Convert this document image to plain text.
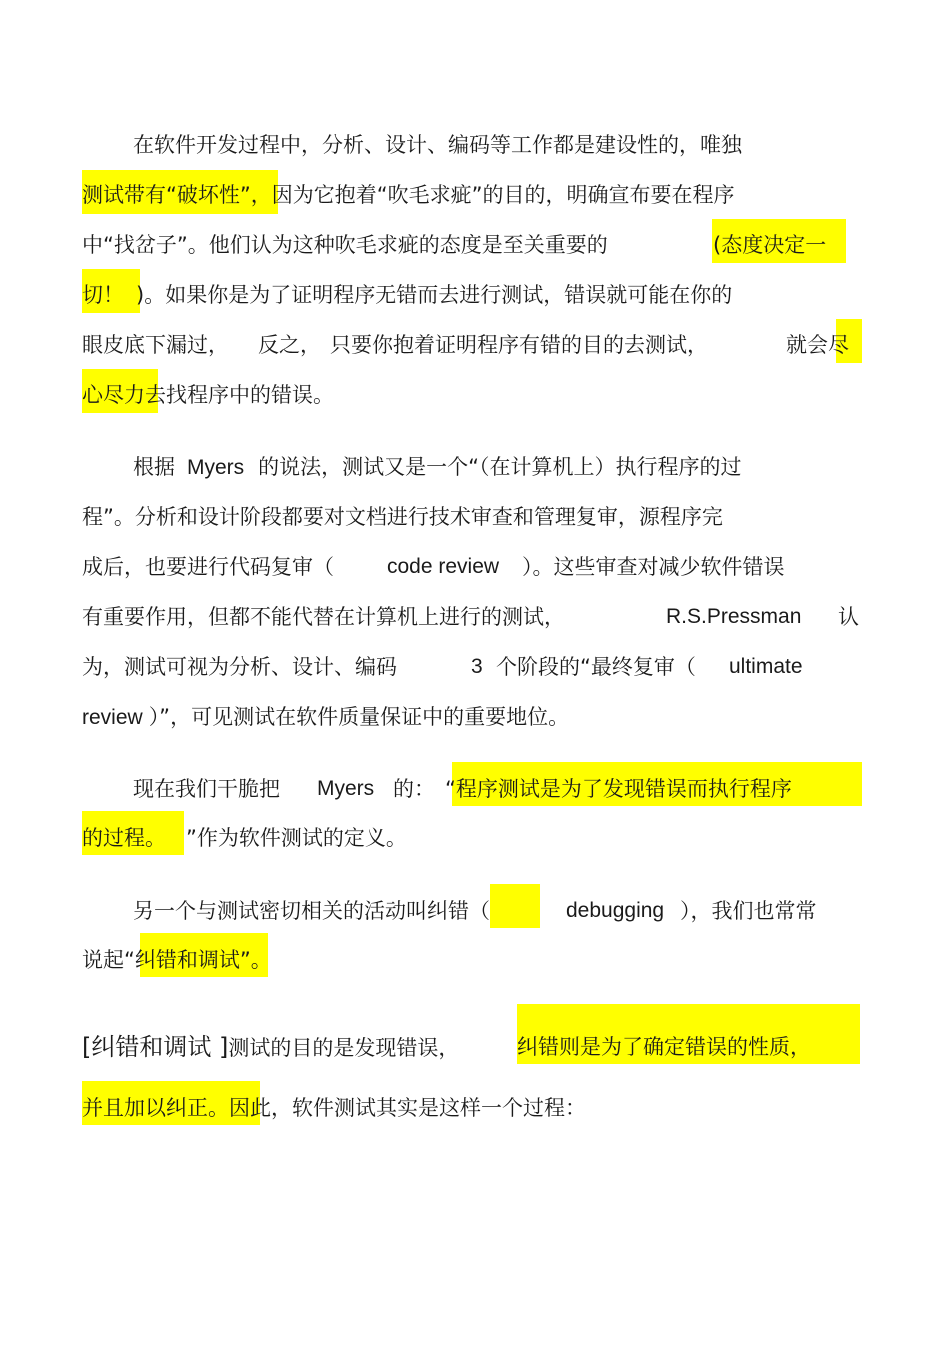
在软件开发过程中，分析、设计、编码等工作都是建设性的，唯独
测试带有“破坏性”，因为它抱着“吹毛求疵”的目的，明确宣布要在程序
中“找岔子”。他们认为这种吹毛求疵的态度是至关重要的	(态度决定一
切！ )。如果你是为了证明程序无错而去进行测试，错误就可能在你的
眼皮底下漏过， 反之， 只要你抱着证明程序有错的目的去测试，	就会尽
心尽力去找程序中的错误。
根据 Myers 的说法，测试又是一个“（在计算机上）执行程序的过
程”。分析和设计阶段都要对文档进行技术审查和管理复审，源程序完
成后，也要进行代码复审（	code review ）。这些审查对减少软件错误
有重要作用，但都不能代替在计算机上进行的测试，	R.S.Pressman 认
为，测试可视为分析、设计、编码	3 个阶段的“最终复审（ ultimate
review ）”，可见测试在软件质量保证中的重要地位。
现在我们干脆把 Myers 的： “程序测试是为了发现错误而执行程序
的过程。 ”作为软件测试的定义。
另一个与测试密切相关的活动叫纠错（	debugging ），我们也常常
说起“纠错和调试”。
[纠错和调试 ]测试的目的是发现错误，	纠错则是为了确定错误的性质，
并且加以纠正。因此，软件测试其实是这样一个过程：
